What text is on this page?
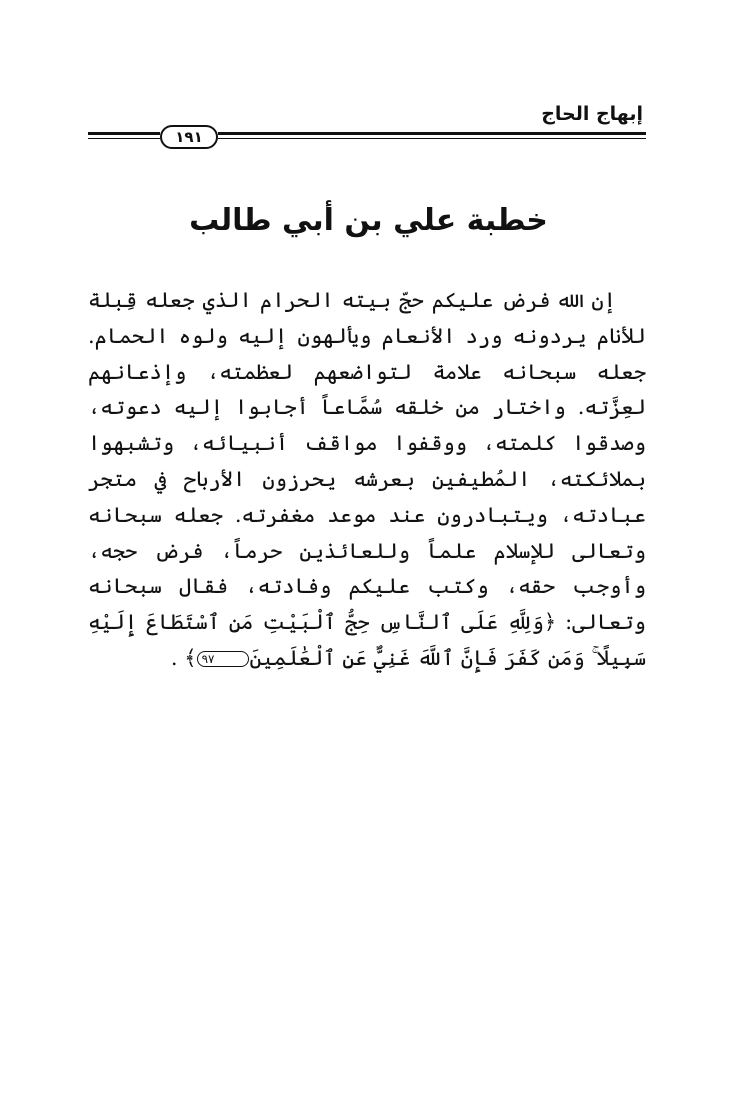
إبهاج الحاج
١٩١
خطبة علي بن أبي طالب

إن الله فرض عليكم حجّ بيته الحرام الذي جعله قِبلة للأنام يردونه ورد الأنعام ويألهون إليه ولوه الحمام. جعله سبحانه علامة لتواضعهم لعظمته، وإذعانهم لعِزَّته. واختار من خلقه سُمَّاعاً أجابوا إليه دعوته، وصدقوا كلمته، ووقفوا مواقف أنبيائه، وتشبهوا بملائكته، المُطيفين بعرشه يحرزون الأرباح في متجر عبادته، ويتبادرون عند موعد مغفرته. جعله سبحانه وتعالى للإسلام علماً وللعائذين حرماً، فرض حجه، وأوجب حقه، وكتب عليكم وفادته، فقال سبحانه وتعالى: ﴿وَلِلَّهِ عَلَى ٱلنَّاسِ حِجُّ ٱلْبَيْتِ مَنِ ٱسْتَطَاعَ إِلَيْهِ سَبِيلًا ۚ وَمَن كَفَرَ فَإِنَّ ٱللَّهَ غَنِيٌّ عَنِ ٱلْعَٰلَمِينَ٩٧﴾ .
